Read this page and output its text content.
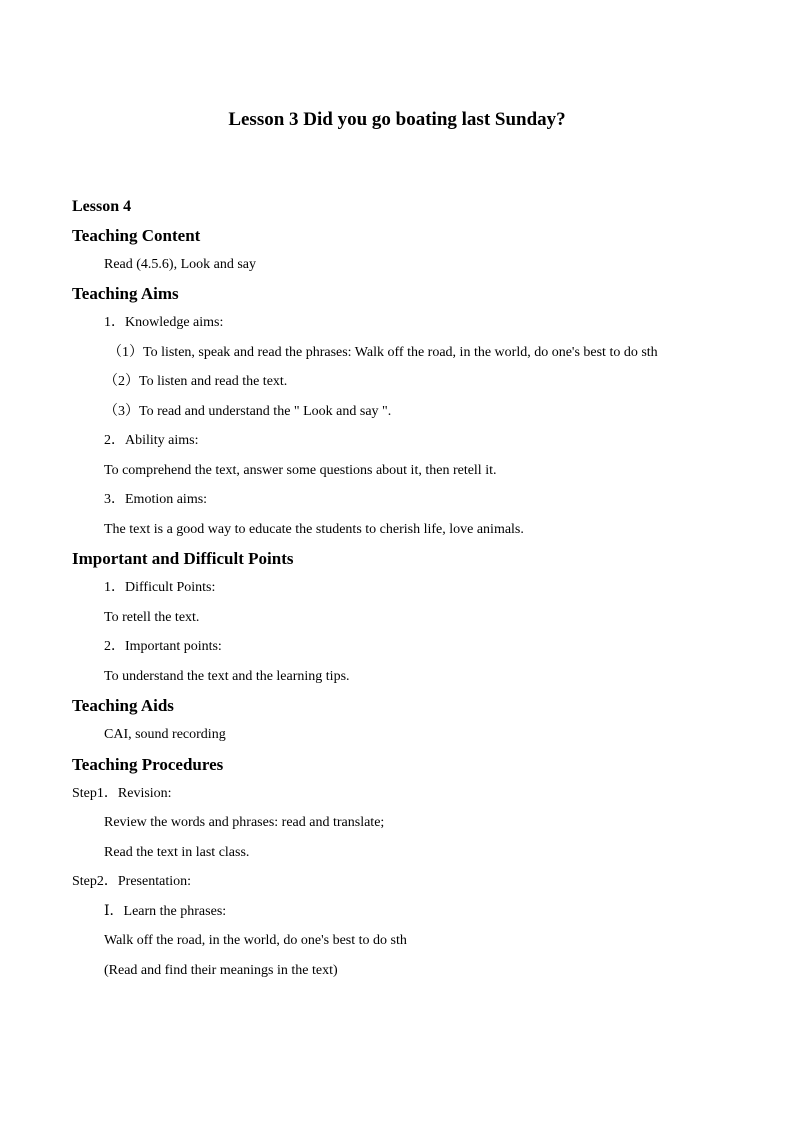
Lesson 3 Did you go boating last Sunday?
Lesson 4
Teaching Content
Read (4.5.6), Look and say
Teaching Aims
1．Knowledge aims:
（1）To listen, speak and read the phrases: Walk off the road, in the world, do one's best to do sth
（2）To listen and read the text.
（3）To read and understand the " Look and say ".
2．Ability aims:
To comprehend the text, answer some questions about it, then retell it.
3．Emotion aims:
The text is a good way to educate the students to cherish life, love animals.
Important and Difficult Points
1．Difficult Points:
To retell the text.
2．Important points:
To understand the text and the learning tips.
Teaching Aids
CAI, sound recording
Teaching Procedures
Step1．Revision:
Review the words and phrases: read and translate;
Read the text in last class.
Step2．Presentation:
Ⅰ．Learn the phrases:
Walk off the road, in the world, do one's best to do sth
(Read and find their meanings in the text)
